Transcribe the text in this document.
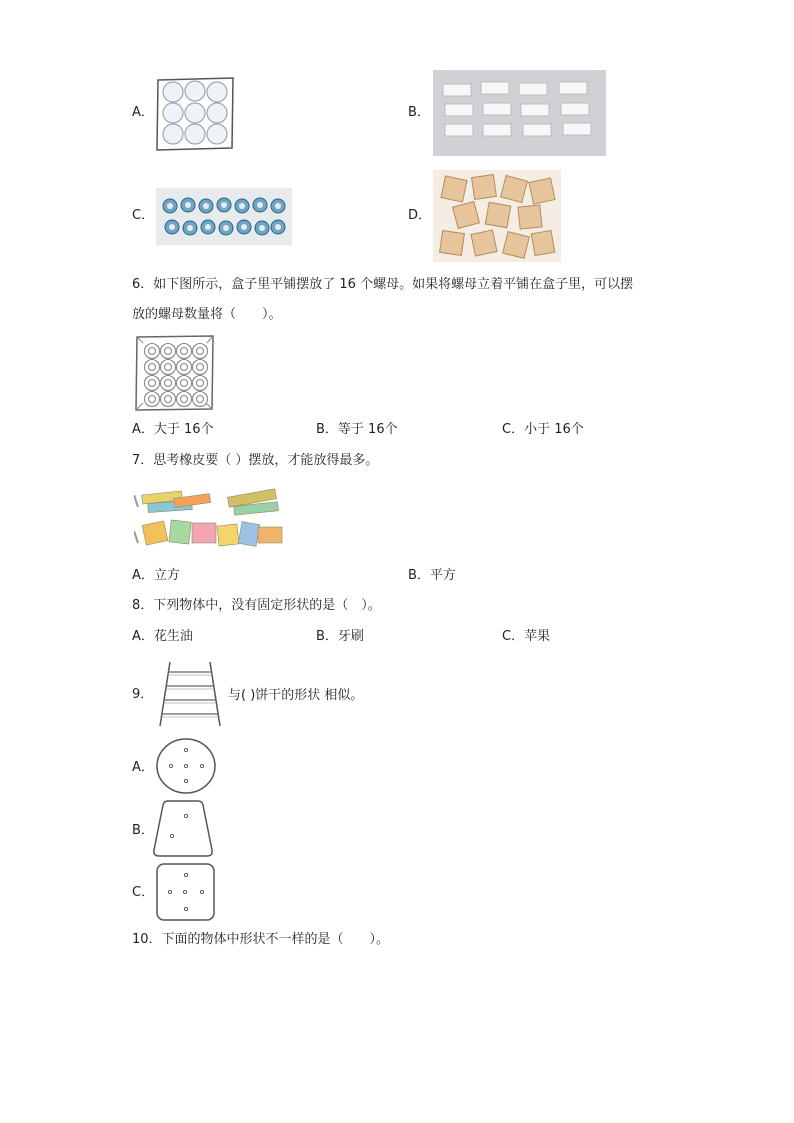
A．	B．
C．	D．
6．如下图所示，盒子里平铺摆放了 16 个螺母。如果将螺母立着平铺在盒子里，可以摆
放的螺母数量将（　　）。
A．大于 16个	B．等于 16个	C．小于 16个
7．思考橡皮要（ ）摆放，才能放得最多。
A．立方	B．平方
8．下列物体中，没有固定形状的是（　）。
A．花生油	B．牙刷	C．苹果
9．	与( )饼干的形状 相似。
A．
B．
C．
10．下面的物体中形状不一样的是（　　）。
